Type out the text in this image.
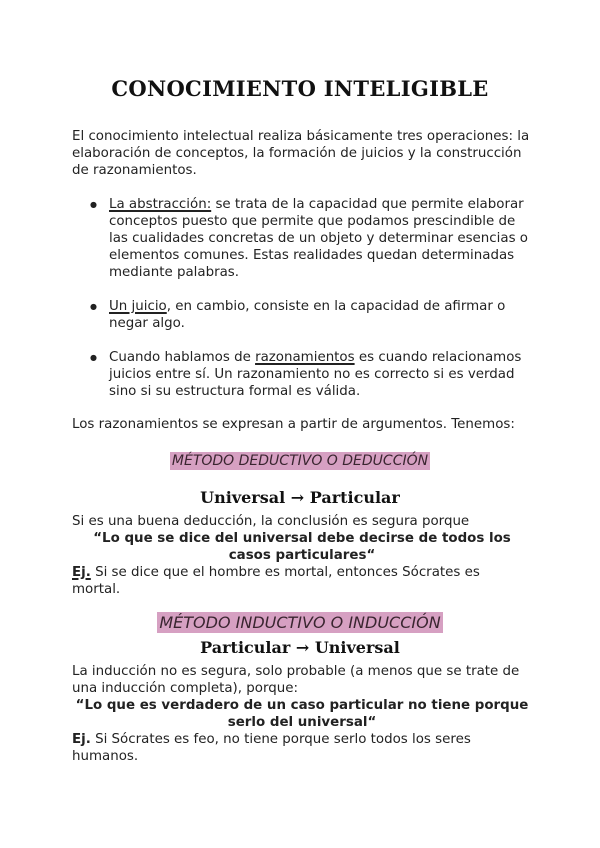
CONOCIMIENTO INTELIGIBLE

El conocimiento intelectual realiza básicamente tres operaciones: la elaboración de conceptos, la formación de juicios y la construcción de razonamientos.

● La abstracción: se trata de la capacidad que permite elaborar conceptos puesto que permite que podamos prescindible de las cualidades concretas de un objeto y determinar esencias o elementos comunes. Estas realidades quedan determinadas mediante palabras.
● Un juicio, en cambio, consiste en la capacidad de afirmar o negar algo.
● Cuando hablamos de razonamientos es cuando relacionamos juicios entre sí. Un razonamiento no es correcto si es verdad sino si su estructura formal es válida.

Los razonamientos se expresan a partir de argumentos. Tenemos:

MÉTODO DEDUCTIVO O DEDUCCIÓN
Universal → Particular

Si es una buena deducción, la conclusión es segura porque

“Lo que se dice del universal debe decirse de todos los casos particulares“

Ej. Si se dice que el hombre es mortal, entonces Sócrates es mortal.

MÉTODO INDUCTIVO O INDUCCIÓN
Particular → Universal

La inducción no es segura, solo probable (a menos que se trate de una inducción completa), porque:

“Lo que es verdadero de un caso particular no tiene porque serlo del universal“

Ej. Si Sócrates es feo, no tiene porque serlo todos los seres humanos.
